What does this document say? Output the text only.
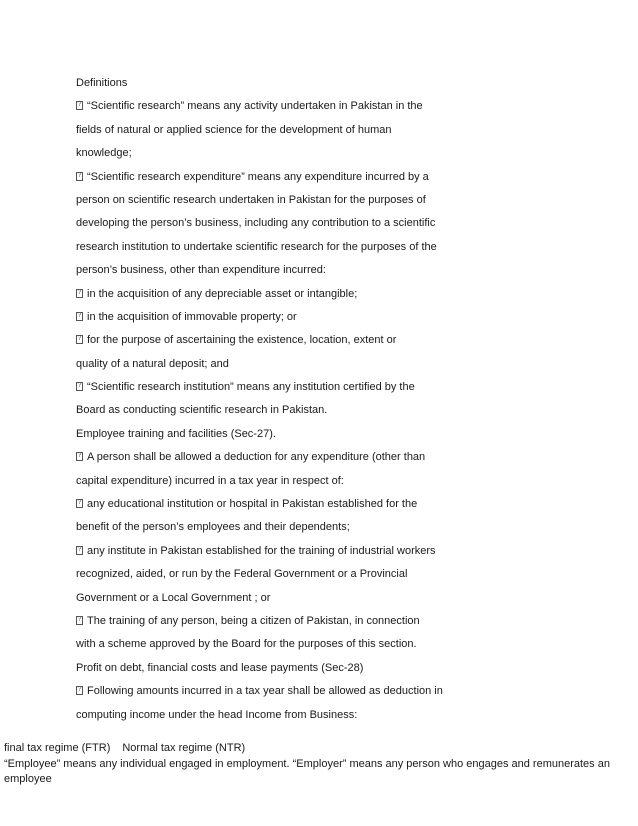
Definitions
?“Scientific research” means any activity undertaken in Pakistan in the
fields of natural or applied science for the development of human
knowledge;
?“Scientific research expenditure” means any expenditure incurred by a
person on scientific research undertaken in Pakistan for the purposes of
developing the person’s business, including any contribution to a scientific
research institution to undertake scientific research for the purposes of the
person’s business, other than expenditure incurred:
?in the acquisition of any depreciable asset or intangible;
?in the acquisition of immovable property; or
?for the purpose of ascertaining the existence, location, extent or
quality of a natural deposit; and
?“Scientific research institution” means any institution certified by the
Board as conducting scientific research in Pakistan.
Employee training and facilities (Sec-27).
?A person shall be allowed a deduction for any expenditure (other than
capital expenditure) incurred in a tax year in respect of:
?any educational institution or hospital in Pakistan established for the
benefit of the person’s employees and their dependents;
?any institute in Pakistan established for the training of industrial workers
recognized, aided, or run by the Federal Government or a Provincial
Government or a Local Government ; or
?The training of any person, being a citizen of Pakistan, in connection
with a scheme approved by the Board for the purposes of this section.
Profit on debt, financial costs and lease payments (Sec-28)
?Following amounts incurred in a tax year shall be allowed as deduction in
computing income under the head Income from Business:
final tax regime (FTR) Normal tax regime (NTR)
“Employee” means any individual engaged in employment. “Employer” means any person who engages and remunerates an employee
